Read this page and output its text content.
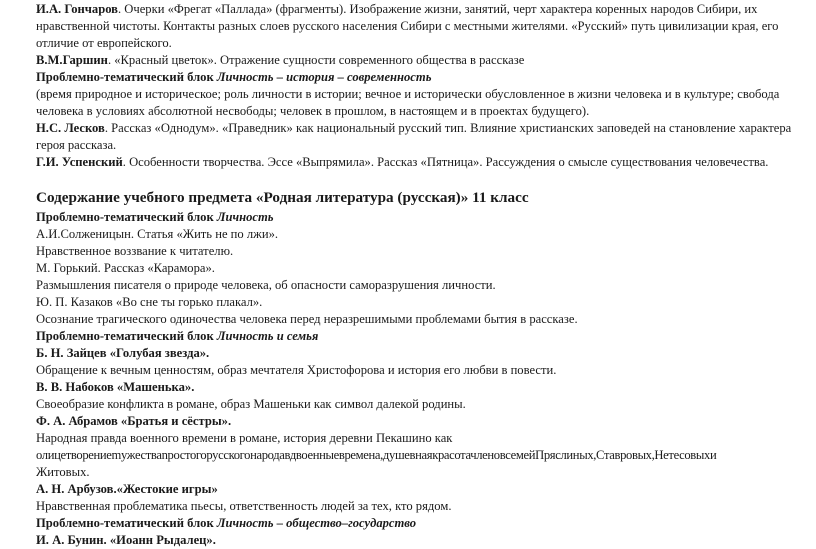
И.А. Гончаров. Очерки «Фрегат «Паллада» (фрагменты). Изображение жизни, занятий, черт характера коренных народов Сибири, их
нравственной чистоты. Контакты разных слоев русского населения Сибири с местными жителями. «Русский» путь цивилизации края, его
отличие от европейского.
В.М.Гаршин. «Красный цветок». Отражение сущности современного общества в рассказе
Проблемно-тематический блок Личность – история – современность
(время природное и историческое; роль личности в истории; вечное и исторически обусловленное в жизни человека и в культуре; свобода
человека в условиях абсолютной несвободы; человек в прошлом, в настоящем и в проектах будущего).
Н.С. Лесков. Рассказ «Однодум». «Праведник» как национальный русский тип. Влияние христианских заповедей на становление характера
героя рассказа.
Г.И. Успенский. Особенности творчества. Эссе «Выпрямила». Рассказ «Пятница». Рассуждения о смысле существования человечества.
Содержание учебного предмета «Родная литература (русская)» 11 класс
Проблемно-тематический блок Личность
А.И.Солженицын. Статья «Жить не по лжи».
Нравственное воззвание к читателю.
М. Горький. Рассказ «Карамора».
Размышления писателя о природе человека, об опасности саморазрушения личности.
Ю. П. Казаков «Во сне ты горько плакал».
Осознание трагического одиночества человека перед неразрешимыми проблемами бытия в рассказе.
Проблемно-тематический блок Личность и семья
Б. Н. Зайцев «Голубая звезда».
Обращение к вечным ценностям, образ мечтателя Христофорова и история его любви в повести.
В. В. Набоков «Машенька».
Своеобразие конфликта в романе, образ Машеньки как символ далекой родины.
Ф. А. Абрамов «Братья и сёстры».
Народная правда военного времени в романе, история деревни Пекашино как
олицетворениеmужестваnpостогорусскогонародавдвоенныевремена,душевнаякрасотачленовсемейПряслиных,Ставровых,Нетесовыхи
Житовых.
А. Н. Арбузов.«Жестокие игры»
Нравственная проблематика пьесы, ответственность людей за тех, кто рядом.
Проблемно-тематический блок Личность – общество–государство
И. А. Бунин. «Иоанн Рыдалец».
